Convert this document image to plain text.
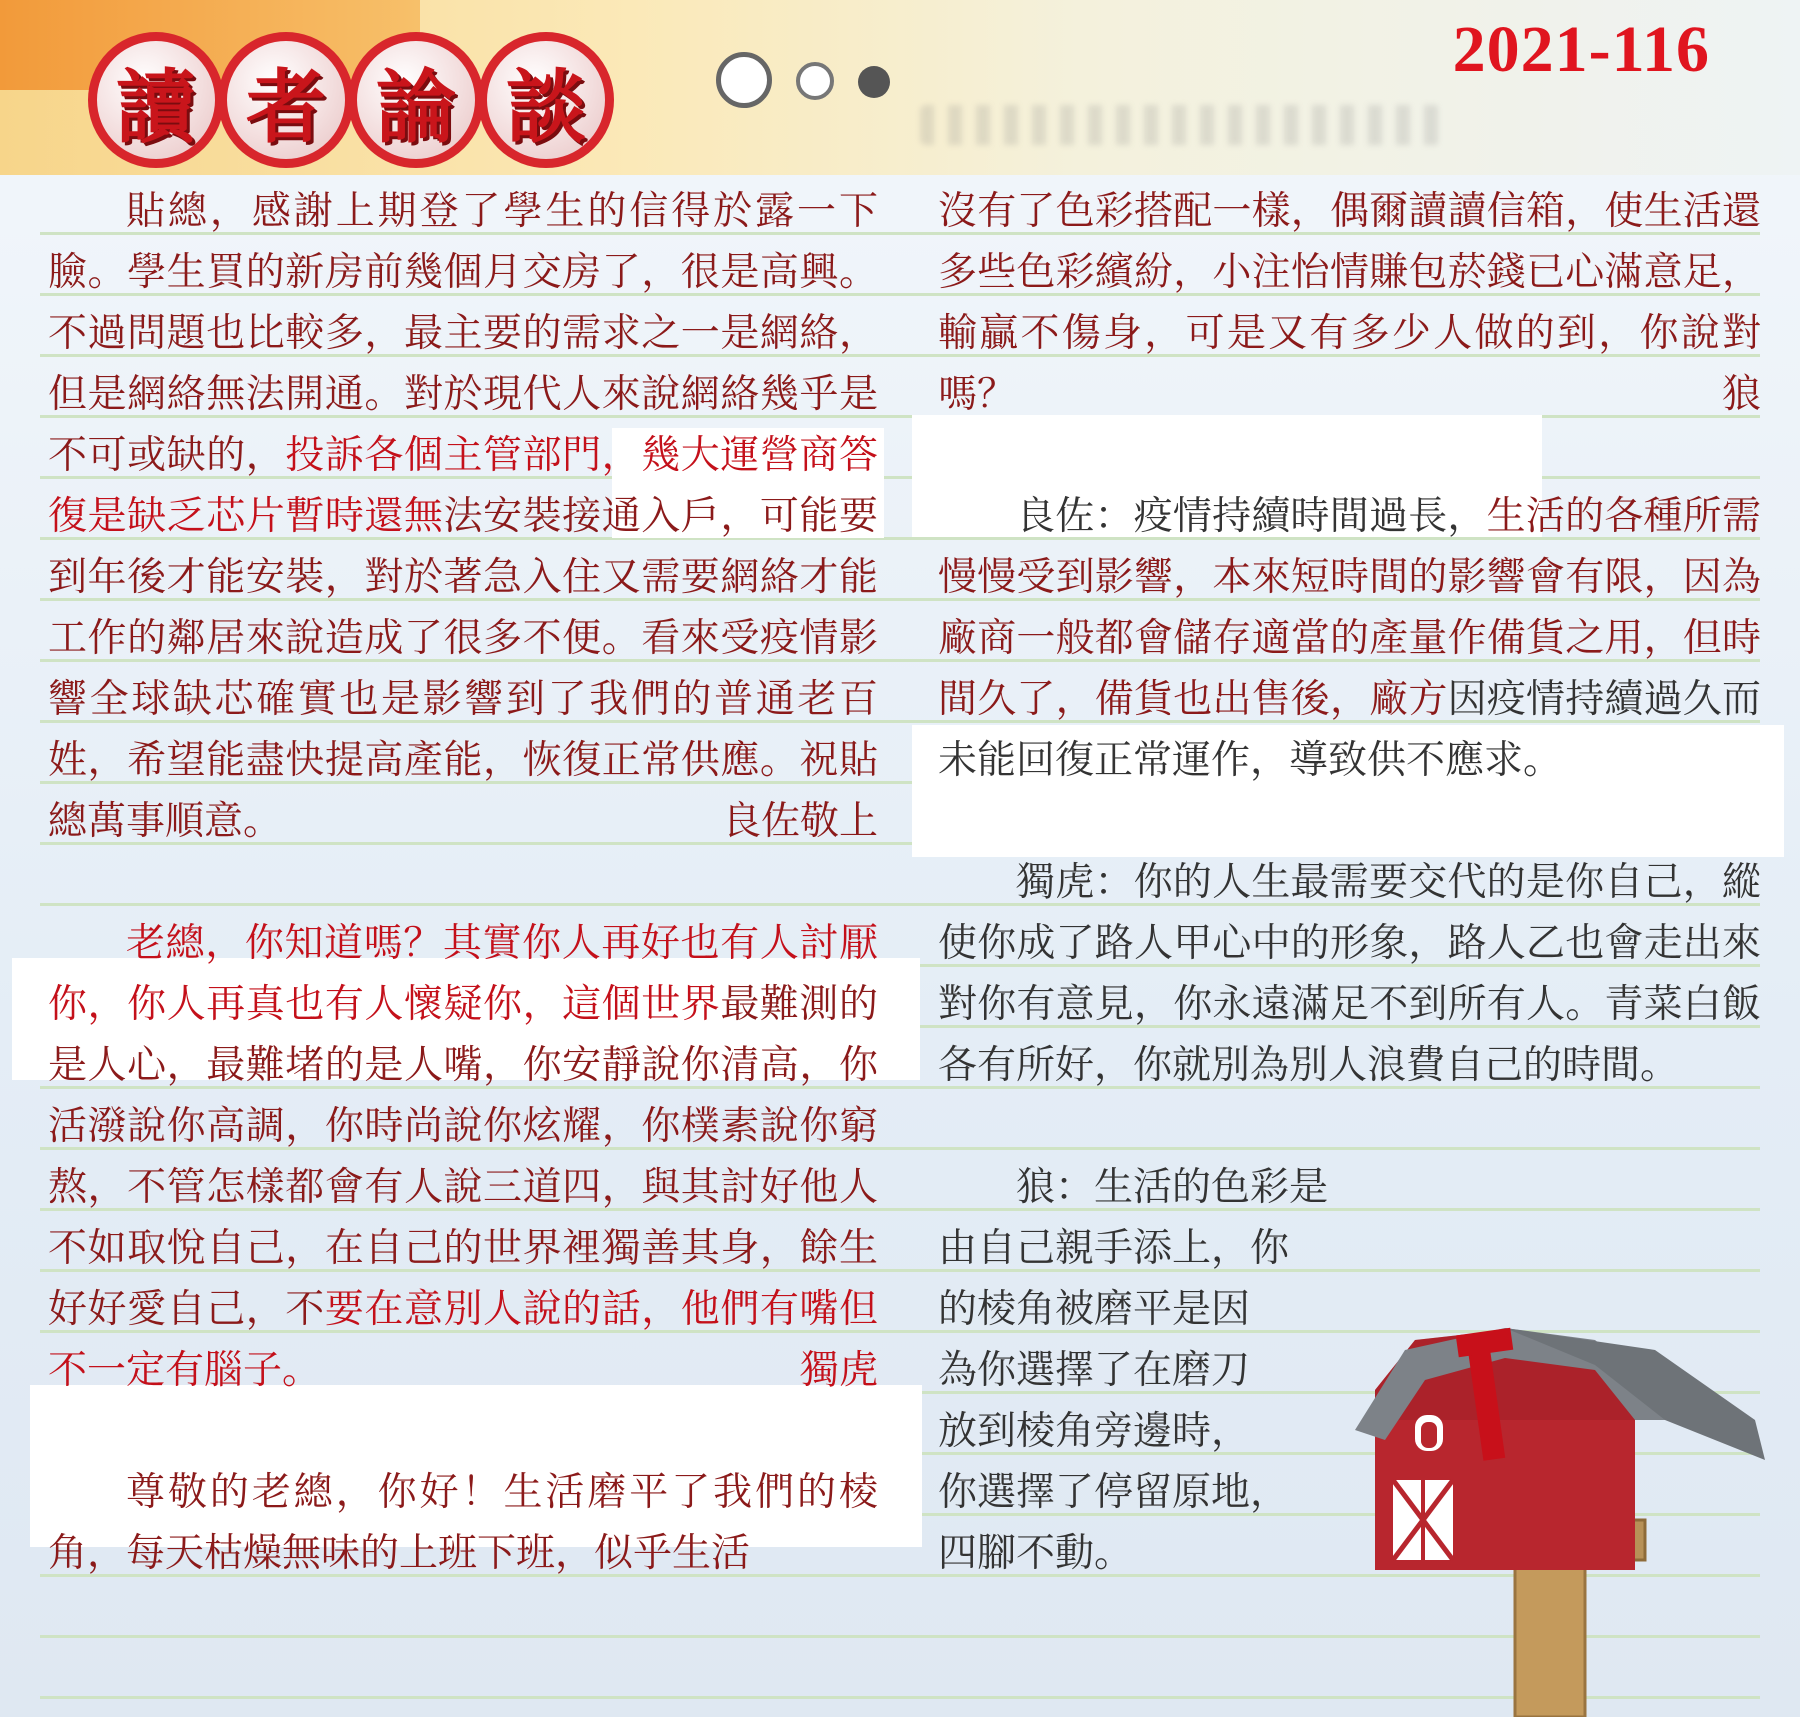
讀 者 論 談
2021-116

貼總，感謝上期登了學生的信得於露一下臉。學生買的新房前幾個月交房了，很是高興。不過問題也比較多，最主要的需求之一是網絡，但是網絡無法開通。對於現代人來說網絡幾乎是不可或缺的，投訴各個主管部門，幾大運營商答復是缺乏芯片暫時還無法安裝接通入戶，可能要到年後才能安裝，對於著急入住又需要網絡才能工作的鄰居來說造成了很多不便。看來受疫情影響全球缺芯確實也是影響到了我們的普通老百姓，希望能盡快提高產能，恢復正常供應。祝貼總萬事順意。	良佐敬上

老總，你知道嗎？其實你人再好也有人討厭你，你人再真也有人懷疑你，這個世界最難測的是人心，最難堵的是人嘴，你安靜說你清高，你活潑說你高調，你時尚說你炫耀，你樸素說你窮熬，不管怎樣都會有人說三道四，與其討好他人不如取悅自己，在自己的世界裡獨善其身，餘生好好愛自己，不要在意別人說的話，他們有嘴但不一定有腦子。	獨虎

尊敬的老總，你好！生活磨平了我們的棱角，每天枯燥無味的上班下班，似乎生活

沒有了色彩搭配一樣，偶爾讀讀信箱，使生活還多些色彩繽紛，小注怡情賺包菸錢已心滿意足，輸贏不傷身，可是又有多少人做的到，你說對嗎？	狼

良佐：疫情持續時間過長，生活的各種所需慢慢受到影響，本來短時間的影響會有限，因為廠商一般都會儲存適當的產量作備貨之用，但時間久了，備貨也出售後，廠方因疫情持續過久而未能回復正常運作，導致供不應求。

獨虎：你的人生最需要交代的是你自己，縱使你成了路人甲心中的形象，路人乙也會走出來對你有意見，你永遠滿足不到所有人。青菜白飯各有所好，你就別為別人浪費自己的時間。

狼：生活的色彩是

由自己親手添上，你

的棱角被磨平是因

為你選擇了在磨刀

放到棱角旁邊時，

你選擇了停留原地，

四腳不動。
